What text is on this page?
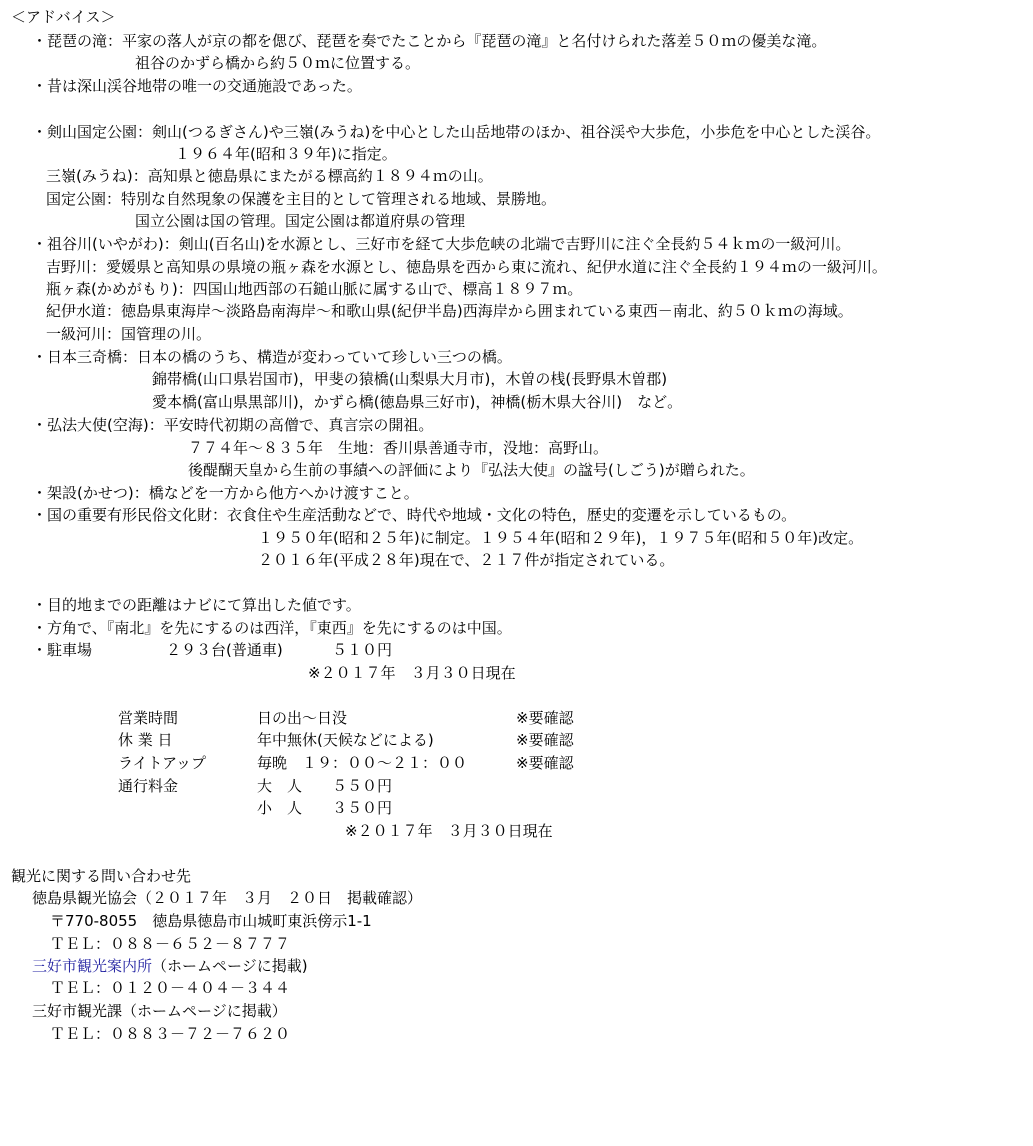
＜アドバイス＞
・琵琶の滝：平家の落人が京の都を偲び、琵琶を奏でたことから『琵琶の滝』と名付けられた落差５０ｍの優美な滝。
祖谷のかずら橋から約５０ｍに位置する。
・昔は深山渓谷地帯の唯一の交通施設であった。
・剣山国定公園：剣山(つるぎさん)や三嶺(みうね)を中心とした山岳地帯のほか、祖谷渓や大歩危，小歩危を中心とした渓谷。
１９６４年(昭和３９年)に指定。
三嶺(みうね)：高知県と徳島県にまたがる標高約１８９４ｍの山。
国定公園：特別な自然現象の保護を主目的として管理される地域、景勝地。
国立公園は国の管理。国定公園は都道府県の管理
・祖谷川(いやがわ)：剣山(百名山)を水源とし、三好市を経て大歩危峡の北端で吉野川に注ぐ全長約５４ｋｍの一級河川。
吉野川：愛媛県と高知県の県境の瓶ヶ森を水源とし、徳島県を西から東に流れ、紀伊水道に注ぐ全長約１９４ｍの一級河川。
瓶ヶ森(かめがもり)：四国山地西部の石鎚山脈に属する山で、標高１８９７ｍ。
紀伊水道：徳島県東海岸～淡路島南海岸～和歌山県(紀伊半島)西海岸から囲まれている東西－南北、約５０ｋｍの海域。
一級河川：国管理の川。
・日本三奇橋：日本の橋のうち、構造が変わっていて珍しい三つの橋。
錦帯橋(山口県岩国市)，甲斐の猿橋(山梨県大月市)，木曽の桟(長野県木曽郡)
愛本橋(富山県黒部川)，かずら橋(徳島県三好市)，神橋(栃木県大谷川)　など。
・弘法大使(空海)：平安時代初期の高僧で、真言宗の開祖。
７７４年～８３５年　生地：香川県善通寺市，没地：高野山。
後醍醐天皇から生前の事績への評価により『弘法大使』の諡号(しごう)が贈られた。
・架設(かせつ)：橋などを一方から他方へかけ渡すこと。
・国の重要有形民俗文化財：衣食住や生産活動などで、時代や地域・文化の特色，歴史的変遷を示しているもの。
１９５０年(昭和２５年)に制定。１９５４年(昭和２９年)，１９７５年(昭和５０年)改定。
２０１６年(平成２８年)現在で、２１７件が指定されている。
・目的地までの距離はナビにて算出した値です。
・方角で、『南北』を先にするのは西洋，『東西』を先にするのは中国。
・駐車場	２９３台(普通車)	５１０円
※２０１７年　３月３０日現在
営業時間	日の出～日没	※要確認
休 業 日	年中無休(天候などによる)	※要確認
ライトアップ	毎晩　１９：００～２１：００	※要確認
通行料金	大　人　　５５０円
小　人　　３５０円
※２０１７年　３月３０日現在
観光に関する問い合わせ先
徳島県観光協会（２０１７年　３月　２０日　掲載確認）
〒770-8055　徳島県徳島市山城町東浜傍示1-1
ＴＥＬ：０８８－６５２－８７７７
三好市観光案内所（ホームページに掲載)
ＴＥＬ：０１２０－４０４－３４４
三好市観光課（ホームページに掲載）
ＴＥＬ：０８８３－７２－７６２０
